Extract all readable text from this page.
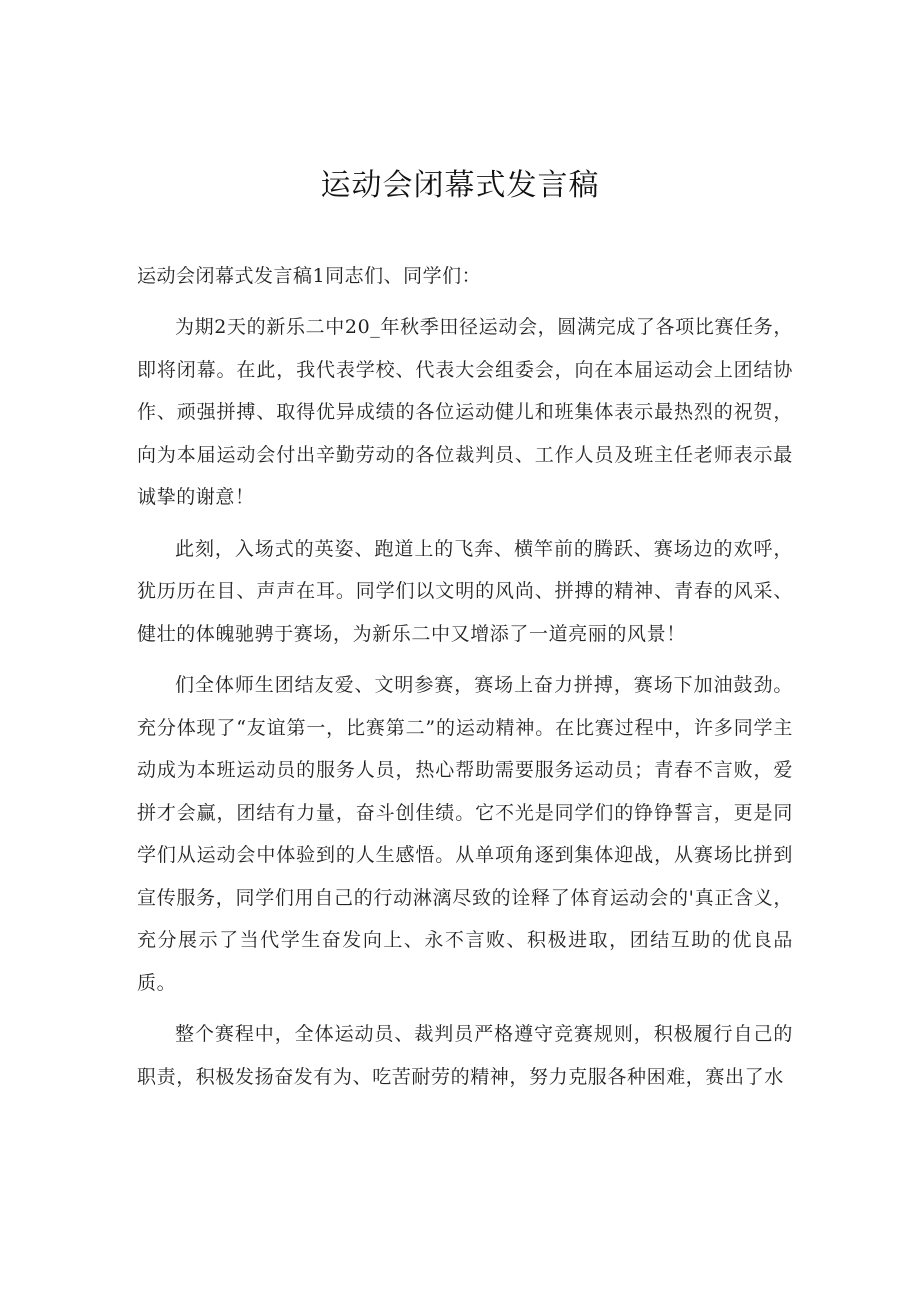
运动会闭幕式发言稿

运动会闭幕式发言稿1同志们、同学们：

为期2天的新乐二中20_年秋季田径运动会，圆满完成了各项比赛任务，即将闭幕。在此，我代表学校、代表大会组委会，向在本届运动会上团结协作、顽强拼搏、取得优异成绩的各位运动健儿和班集体表示最热烈的祝贺，向为本届运动会付出辛勤劳动的各位裁判员、工作人员及班主任老师表示最诚挚的谢意！

此刻，入场式的英姿、跑道上的飞奔、横竿前的腾跃、赛场边的欢呼，犹历历在目、声声在耳。同学们以文明的风尚、拼搏的精神、青春的风采、健壮的体魄驰骋于赛场，为新乐二中又增添了一道亮丽的风景！

们全体师生团结友爱、文明参赛，赛场上奋力拼搏，赛场下加油鼓劲。充分体现了“友谊第一，比赛第二”的运动精神。在比赛过程中，许多同学主动成为本班运动员的服务人员，热心帮助需要服务运动员；青春不言败，爱拼才会赢，团结有力量，奋斗创佳绩。它不光是同学们的铮铮誓言，更是同学们从运动会中体验到的人生感悟。从单项角逐到集体迎战，从赛场比拼到宣传服务，同学们用自己的行动淋漓尽致的诠释了体育运动会的'真正含义，充分展示了当代学生奋发向上、永不言败、积极进取，团结互助的优良品质。

整个赛程中，全体运动员、裁判员严格遵守竞赛规则，积极履行自己的职责，积极发扬奋发有为、吃苦耐劳的精神，努力克服各种困难，赛出了水
